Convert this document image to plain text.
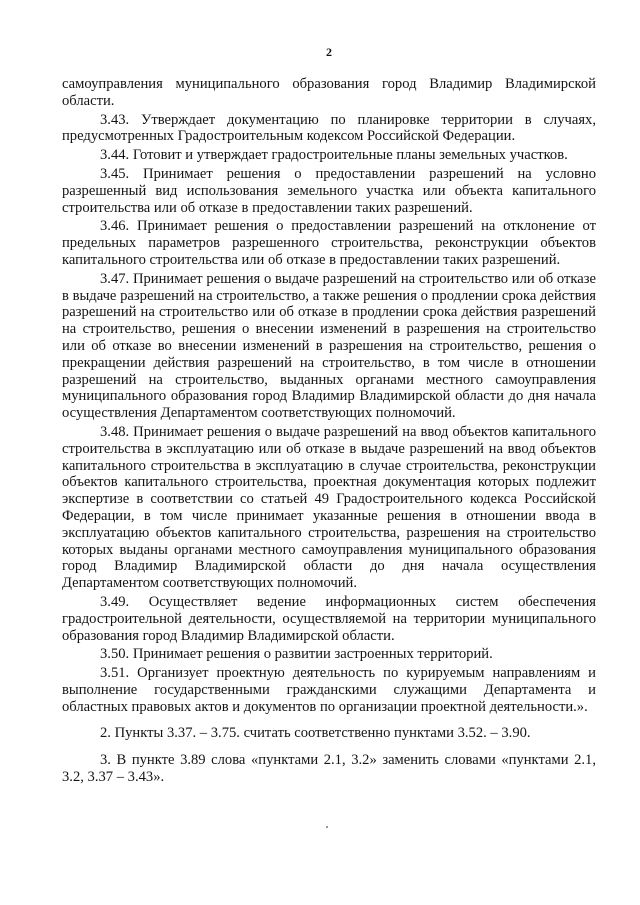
2

самоуправления муниципального образования город Владимир Владимирской области.

3.43. Утверждает документацию по планировке территории в случаях, предусмотренных Градостроительным кодексом Российской Федерации.

3.44. Готовит и утверждает градостроительные планы земельных участков.

3.45. Принимает решения о предоставлении разрешений на условно разрешенный вид использования земельного участка или объекта капитального строительства или об отказе в предоставлении таких разрешений.

3.46. Принимает решения о предоставлении разрешений на отклонение от предельных параметров разрешенного строительства, реконструкции объектов капитального строительства или об отказе в предоставлении таких разрешений.

3.47. Принимает решения о выдаче разрешений на строительство или об отказе в выдаче разрешений на строительство, а также решения о продлении срока действия разрешений на строительство или об отказе в продлении срока действия разрешений на строительство, решения о внесении изменений в разрешения на строительство или об отказе во внесении изменений в разрешения на строительство, решения о прекращении действия разрешений на строительство, в том числе в отношении разрешений на строительство, выданных органами местного самоуправления муниципального образования город Владимир Владимирской области до дня начала осуществления Департаментом соответствующих полномочий.

3.48. Принимает решения о выдаче разрешений на ввод объектов капитального строительства в эксплуатацию или об отказе в выдаче разрешений на ввод объектов капитального строительства в эксплуатацию в случае строительства, реконструкции объектов капитального строительства, проектная документация которых подлежит экспертизе в соответствии со статьей 49 Градостроительного кодекса Российской Федерации, в том числе принимает указанные решения в отношении ввода в эксплуатацию объектов капитального строительства, разрешения на строительство которых выданы органами местного самоуправления муниципального образования город Владимир Владимирской области до дня начала осуществления Департаментом соответствующих полномочий.

3.49. Осуществляет ведение информационных систем обеспечения градостроительной деятельности, осуществляемой на территории муниципального образования город Владимир Владимирской области.

3.50. Принимает решения о развитии застроенных территорий.

3.51. Организует проектную деятельность по курируемым направлениям и выполнение государственными гражданскими служащими Департамента и областных правовых актов и документов по организации проектной деятельности.».

2. Пункты 3.37. – 3.75. считать соответственно пунктами 3.52. – 3.90.

3. В пункте 3.89 слова «пунктами 2.1, 3.2» заменить словами «пунктами 2.1, 3.2, 3.37 – 3.43».
